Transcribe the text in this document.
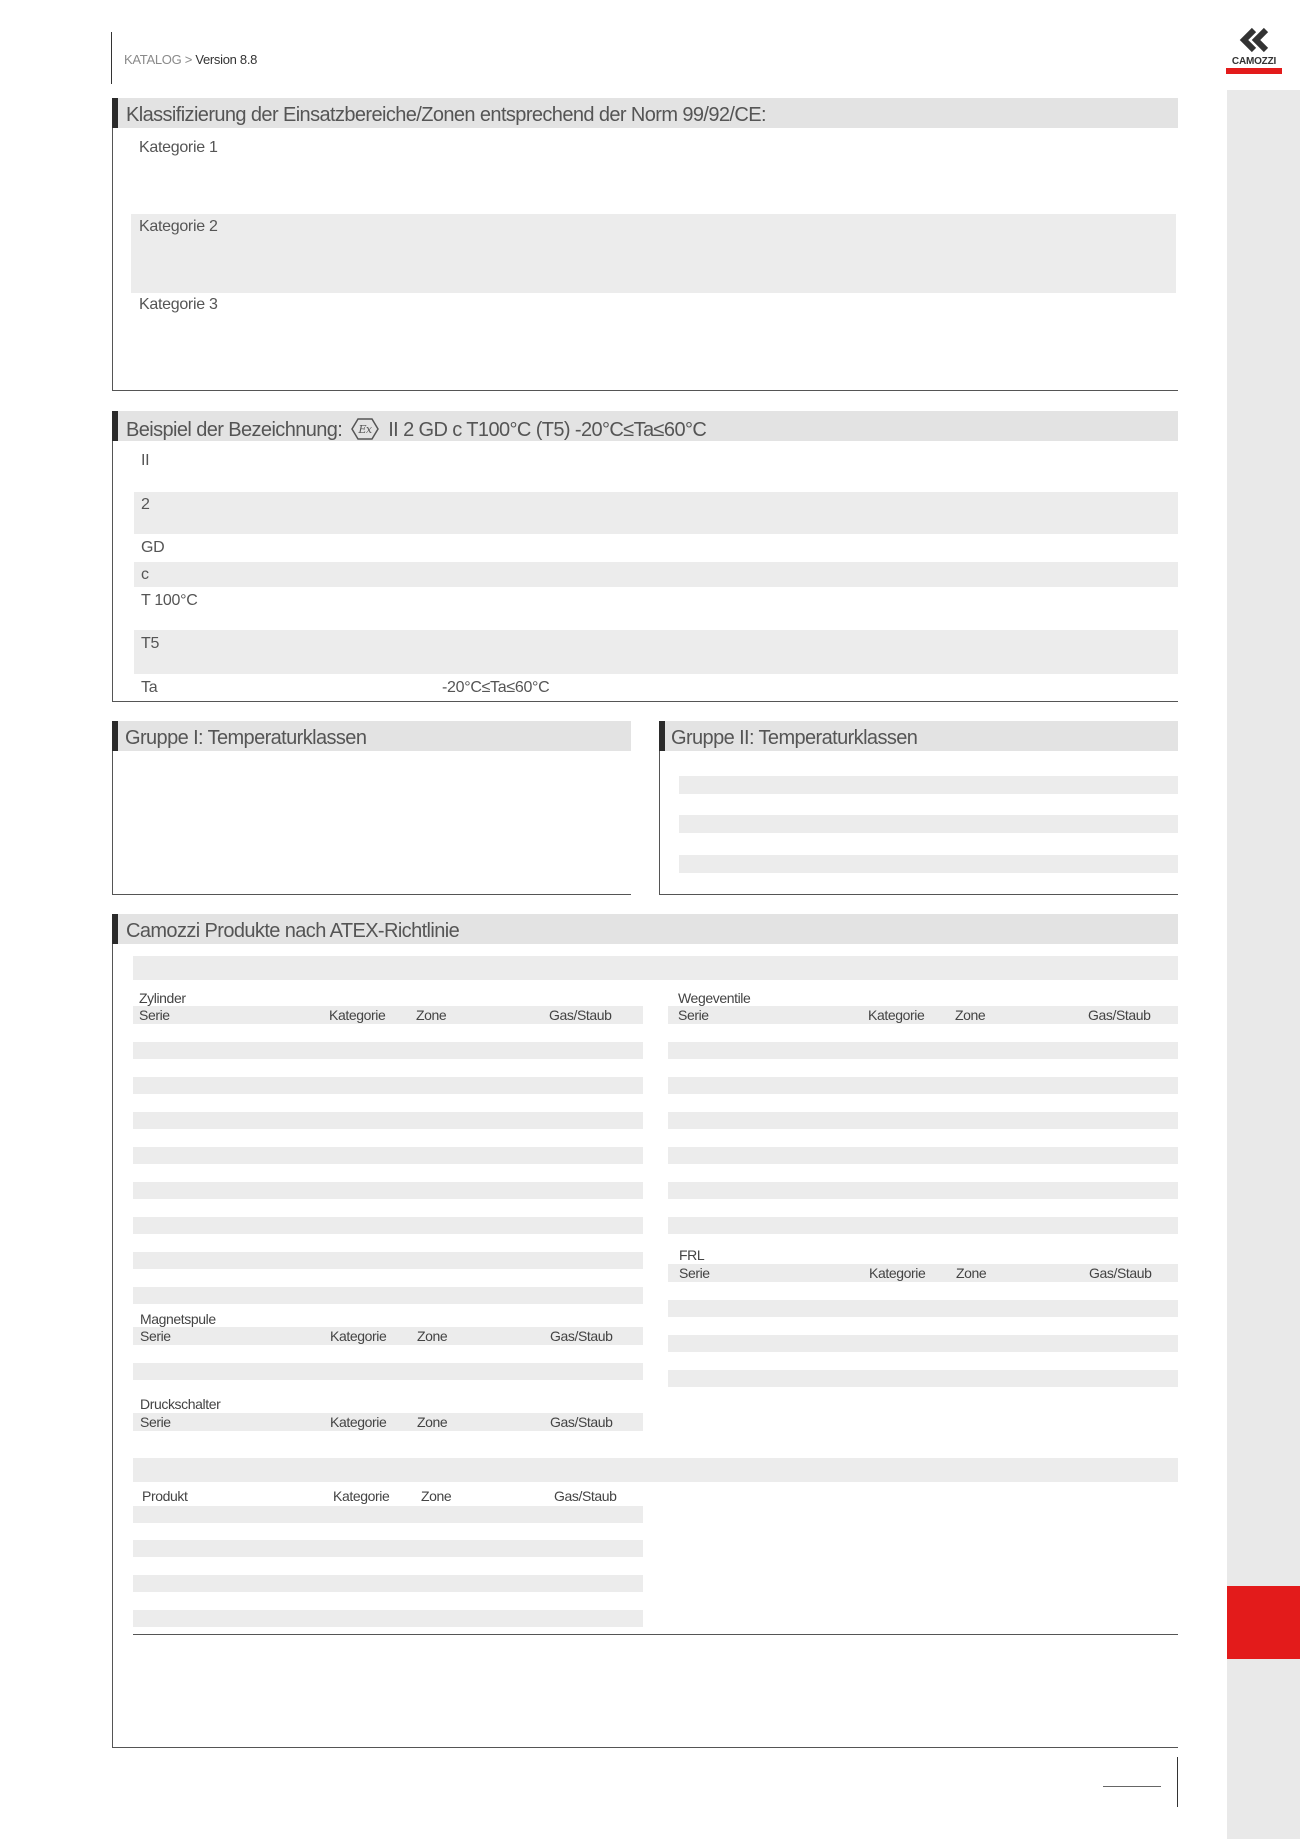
CAMOZZI
KATALOG > Version 8.8
Klassifizierung der Einsatzbereiche/Zonen entsprechend der Norm 99/92/CE:
Kategorie 1
Kategorie 2
Kategorie 3
Beispiel der Bezeichnung: Ex II 2 GD c T100°C (T5) -20°C≤Ta≤60°C
II
2
GD
c
T 100°C
T5
Ta	-20°C≤Ta≤60°C
Gruppe I: Temperaturklassen	Gruppe II: Temperaturklassen
Camozzi Produkte nach ATEX-Richtlinie
Zylinder
Serie	Kategorie Zone	Gas/Staub
Wegeventile
Serie	Kategorie Zone	Gas/Staub
FRL
Serie	Kategorie Zone	Gas/Staub
Magnetspule
Serie	Kategorie Zone	Gas/Staub
Druckschalter
Serie	Kategorie Zone	Gas/Staub
Produkt	Kategorie Zone	Gas/Staub
